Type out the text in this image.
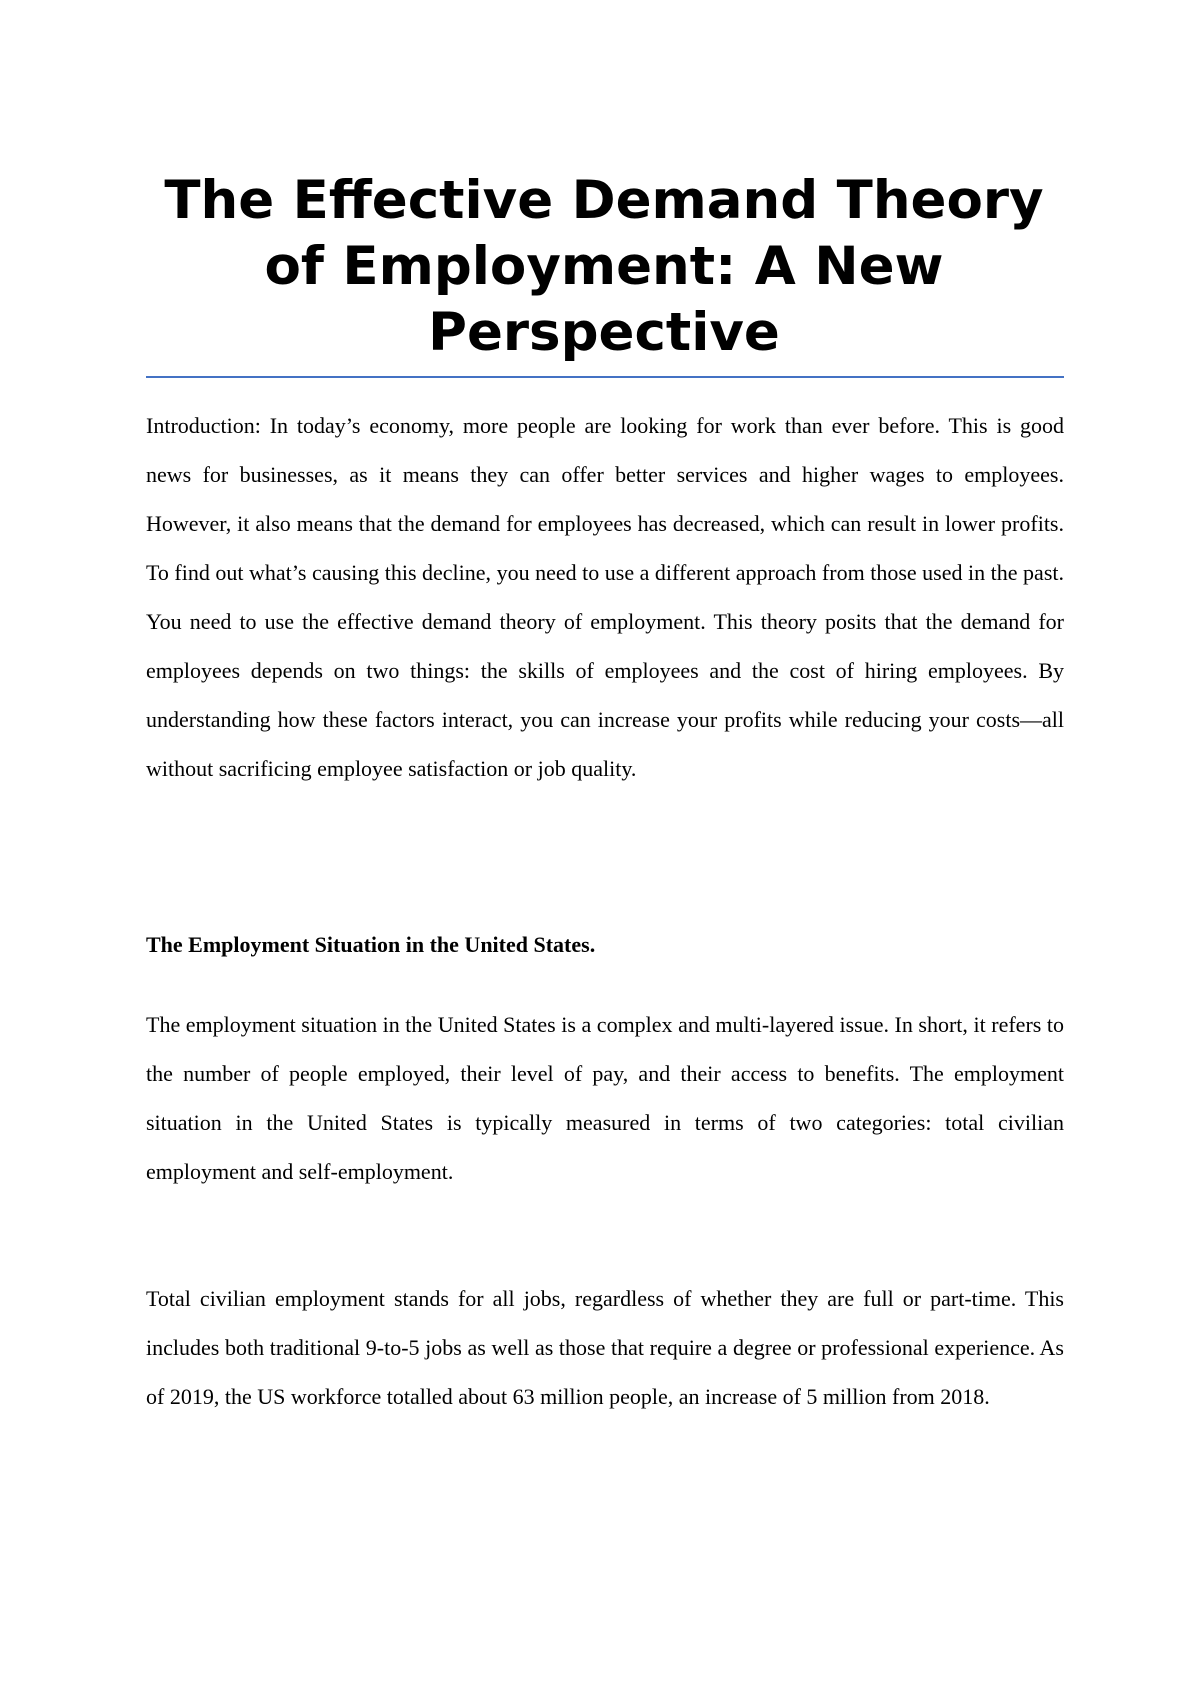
The Effective Demand Theory of Employment: A New Perspective

Introduction: In today’s economy, more people are looking for work than ever before. This is good news for businesses, as it means they can offer better services and higher wages to employees. However, it also means that the demand for employees has decreased, which can result in lower profits. To find out what’s causing this decline, you need to use a different approach from those used in the past. You need to use the effective demand theory of employment. This theory posits that the demand for employees depends on two things: the skills of employees and the cost of hiring employees. By understanding how these factors interact, you can increase your profits while reducing your costs—all without sacrificing employee satisfaction or job quality.

The Employment Situation in the United States.

The employment situation in the United States is a complex and multi-layered issue. In short, it refers to the number of people employed, their level of pay, and their access to benefits. The employment situation in the United States is typically measured in terms of two categories: total civilian employment and self-employment.

Total civilian employment stands for all jobs, regardless of whether they are full or part-time. This includes both traditional 9-to-5 jobs as well as those that require a degree or professional experience. As of 2019, the US workforce totalled about 63 million people, an increase of 5 million from 2018.
